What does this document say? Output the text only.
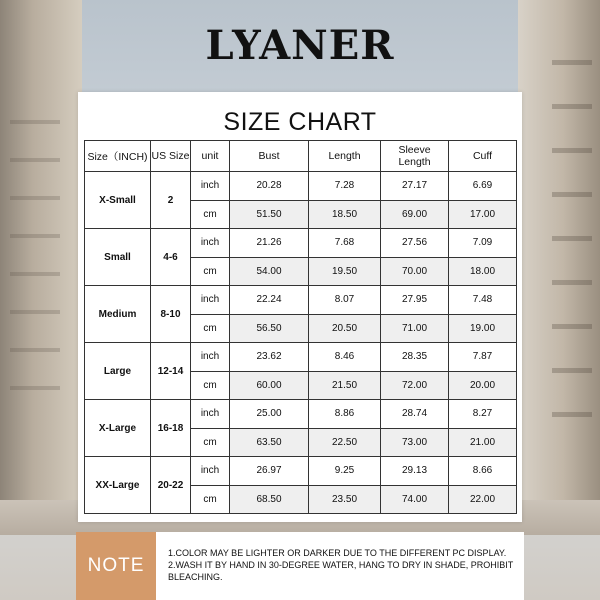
LYANER
SIZE CHART
Size（INCH)	US Size	unit	Bust	Length	Sleeve Length	Cuff
X-Small	2	inch	20.28	7.28	27.17	6.69
		cm	51.50	18.50	69.00	17.00
Small	4-6	inch	21.26	7.68	27.56	7.09
		cm	54.00	19.50	70.00	18.00
Medium	8-10	inch	22.24	8.07	27.95	7.48
		cm	56.50	20.50	71.00	19.00
Large	12-14	inch	23.62	8.46	28.35	7.87
		cm	60.00	21.50	72.00	20.00
X-Large	16-18	inch	25.00	8.86	28.74	8.27
		cm	63.50	22.50	73.00	21.00
XX-Large	20-22	inch	26.97	9.25	29.13	8.66
		cm	68.50	23.50	74.00	22.00
NOTE
1.COLOR MAY BE LIGHTER OR DARKER DUE TO THE DIFFERENT PC DISPLAY.
2.WASH IT BY HAND IN 30-DEGREE WATER, HANG TO DRY IN SHADE, PROHIBIT BLEACHING.
